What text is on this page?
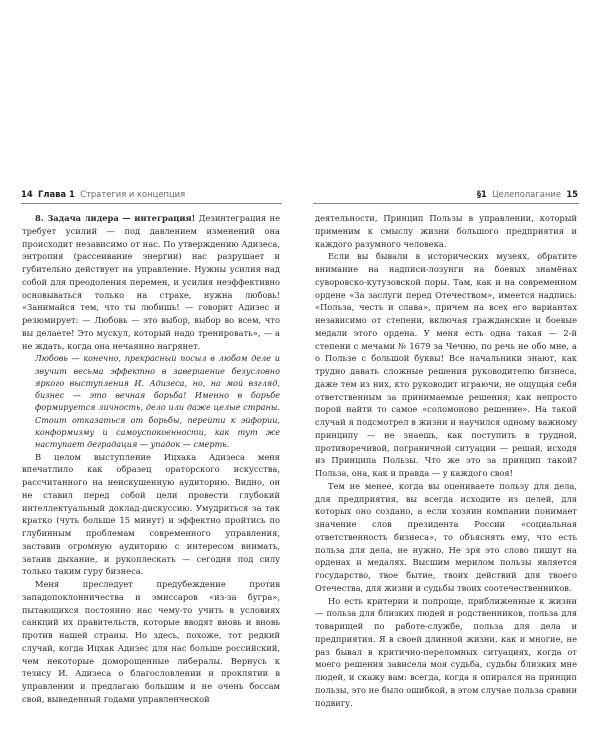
14 Глава 1 Стратегия и концепция	§1 Целеполагание 15

8. Задача лидера — интеграция! Дезинтеграция не требует усилий — под давлением изменений она происходит независимо от нас. По утверждению Адизеса, энтропия (рассеивание энергии) нас разрушает и губительно действует на управление. Нужны усилия над собой для преодоления перемен, и усилия неэффективно основываться только на страхе, нужна любовь! «Занимайся тем, что ты любишь! — говорит Адизес и резюмирует: — Любовь — это выбор, выбор во всем, что вы делаете! Это мускул, который надо тренировать», — а не ждать, когда она нечаянно нагрянет.

Любовь — конечно, прекрасный посыл в любом деле и звучит весьма эффектно в завершение безусловно яркого выступления И. Адизеса, но, на мой взгляд, бизнес — это вечная борьба! Именно в борьбе формируется личность, дело или даже целые страны. Стоит отказаться от борьбы, перейти к эйфории, конформизму и самоуспокоенности, как тут же наступает деградация — упадок — смерть.

В целом выступление Ицхака Адизеса меня впечатлило как образец ораторского искусства, рассчитанного на неискушенную аудиторию. Видно, он не ставил перед собой цели провести глубокий интеллектуальный доклад-дискуссию. Умудриться за так кратко (чуть больше 15 минут) и эффектно пройтись по глубинным проблемам современного управления, заставив огромную аудиторию с интересом внимать, затаив дыхание, и рукоплескать — сегодня под силу только таким гуру бизнеса.

Меня преследует предубеждение против западопоклонничества и эмиссаров «из-за бугра», пытающихся постоянно нас чему-то учить в условиях санкций их правительств, которые вводят вновь и вновь против нашей страны. Но здесь, похоже, тот редкий случай, когда Ицхак Адизес для нас больше российский, чем некоторые доморощенные либералы. Вернусь к тезису И. Адизеса о благословлении и проклятии в управлении и предлагаю большим и не очень боссам свой, выведенный годами управленческой

деятельности, Принцип Пользы в управлении, который применим к смыслу жизни большого предприятия и каждого разумного человека.

Если вы бывали в исторических музеях, обратите внимание на надписи-лозунги на боевых знамёнах суворовско-кутузовской поры. Там, как и на современном ордене «За заслуги перед Отечеством», имеется надпись: «Польза, честь и слава», причем на всех его вариантах независимо от степени, включая гражданские и боевые медали этого ордена. У меня есть одна такая — 2-й степени с мечами № 1679 за Чечню, по речь не обо мне, а о Пользе с большой буквы! Все начальники знают, как трудно давать сложные решения руководителю бизнеса, даже тем из них, кто руководит играючи, не ощущая себя ответственным за принимаемые решения; как непросто порой найти то самое «соломоново решение». На такой случай я подсмотрел в жизни и научился одному важному принципу — не знаешь, как поступить в трудной, противоречивой, пограничной ситуации — решай, исходя из Принципа Пользы. Что же это за принцип такой? Польза, она, как и правда — у каждого своя!

Тем не менее, когда вы оцениваете пользу для дела, для предприятия, вы всегда исходите из целей, для которых оно создано, а если хозяин компании понимает значение слов президента России «социальная ответственность бизнеса», то объяснять ему, что есть польза для дела, не нужно. Не зря это слово пишут на орденах и медалях. Высшим мерилом пользы является государство, твое бытие, твоих действий для твоего Отечества, для жизни и судьбы твоих соотечественников.

Но есть критерии и попроще, приближенные к жизни — польза для близких людей и родственников, польза для товарищей по работе-службе, польза для дела и предприятия. Я в своей длинной жизни, как и многие, не раз бывал в критично-переломных ситуациях, когда от моего решения зависела моя судьба, судьбы близких мне людей, и скажу вам: всегда, когда я опирался на принцип пользы, это не было ошибкой, в этом случае польза сравни подвигу.
